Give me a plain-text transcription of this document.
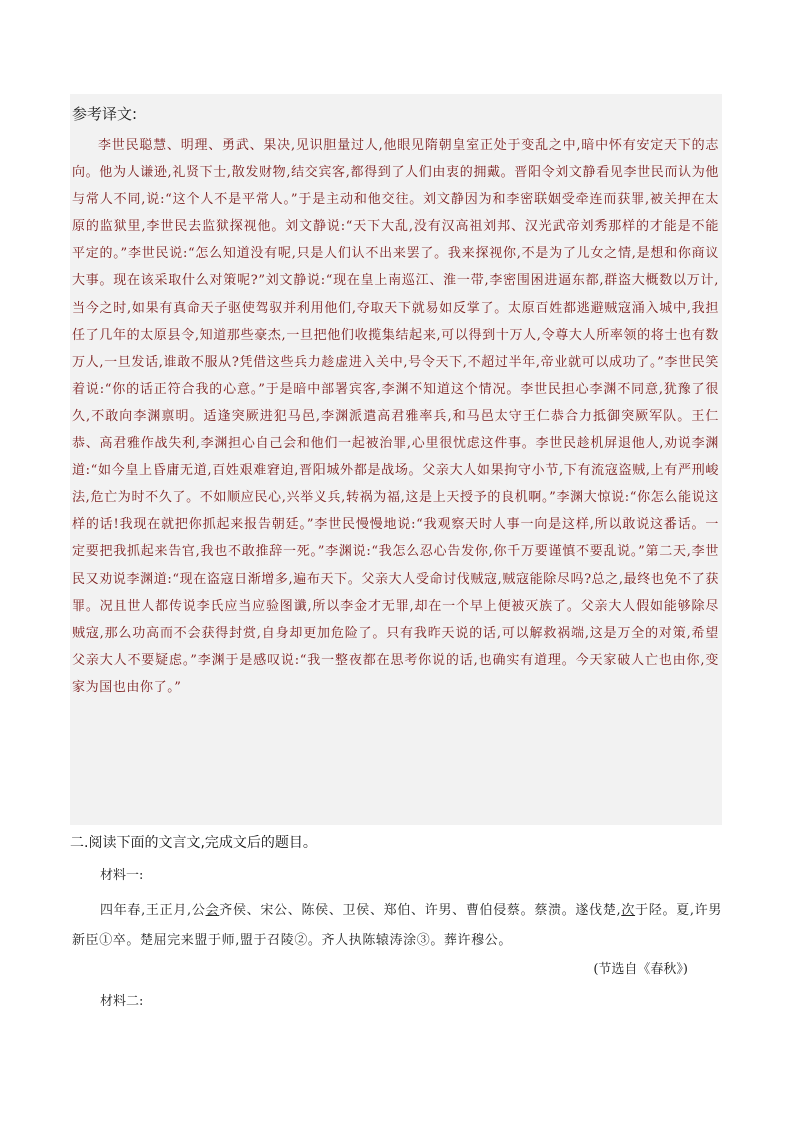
参考译文:
李世民聪慧、明理、勇武、果决,见识胆量过人,他眼见隋朝皇室正处于变乱之中,暗中怀有安定天下的志向。他为人谦逊,礼贤下士,散发财物,结交宾客,都得到了人们由衷的拥戴。晋阳令刘文静看见李世民而认为他与常人不同,说:“这个人不是平常人。”于是主动和他交往。刘文静因为和李密联姻受牵连而获罪,被关押在太原的监狱里,李世民去监狱探视他。刘文静说:“天下大乱,没有汉高祖刘邦、汉光武帝刘秀那样的才能是不能平定的。”李世民说:“怎么知道没有呢,只是人们认不出来罢了。我来探视你,不是为了儿女之情,是想和你商议大事。现在该采取什么对策呢?”刘文静说:“现在皇上南巡江、淮一带,李密围困进逼东都,群盗大概数以万计,当今之时,如果有真命天子驱使驾驭并利用他们,夺取天下就易如反掌了。太原百姓都逃避贼寇涌入城中,我担任了几年的太原县令,知道那些豪杰,一旦把他们收揽集结起来,可以得到十万人,令尊大人所率领的将士也有数万人,一旦发话,谁敢不服从?凭借这些兵力趁虚进入关中,号令天下,不超过半年,帝业就可以成功了。”李世民笑着说:“你的话正符合我的心意。”于是暗中部署宾客,李渊不知道这个情况。李世民担心李渊不同意,犹豫了很久,不敢向李渊禀明。适逢突厥进犯马邑,李渊派遣高君雅率兵,和马邑太守王仁恭合力抵御突厥军队。王仁恭、高君雅作战失利,李渊担心自己会和他们一起被治罪,心里很忧虑这件事。李世民趁机屏退他人,劝说李渊道:“如今皇上昏庸无道,百姓艰难窘迫,晋阳城外都是战场。父亲大人如果拘守小节,下有流寇盗贼,上有严刑峻法,危亡为时不久了。不如顺应民心,兴举义兵,转祸为福,这是上天授予的良机啊。”李渊大惊说:“你怎么能说这样的话!我现在就把你抓起来报告朝廷。”李世民慢慢地说:“我观察天时人事一向是这样,所以敢说这番话。一定要把我抓起来告官,我也不敢推辞一死。”李渊说:“我怎么忍心告发你,你千万要谨慎不要乱说。”第二天,李世民又劝说李渊道:“现在盗寇日渐增多,遍布天下。父亲大人受命讨伐贼寇,贼寇能除尽吗?总之,最终也免不了获罪。况且世人都传说李氏应当应验图谶,所以李金才无罪,却在一个早上便被灭族了。父亲大人假如能够除尽贼寇,那么功高而不会获得封赏,自身却更加危险了。只有我昨天说的话,可以解救祸端,这是万全的对策,希望父亲大人不要疑虑。”李渊于是感叹说:“我一整夜都在思考你说的话,也确实有道理。今天家破人亡也由你,变家为国也由你了。”
二.阅读下面的文言文,完成文后的题目。
材料一:
四年春,王正月,公会齐侯、宋公、陈侯、卫侯、郑伯、许男、曹伯侵蔡。蔡溃。遂伐楚,次于陉。夏,许男新臣①卒。楚屈完来盟于师,盟于召陵②。齐人执陈辕涛涂③。葬许穆公。
(节选自《春秋》)
材料二:
